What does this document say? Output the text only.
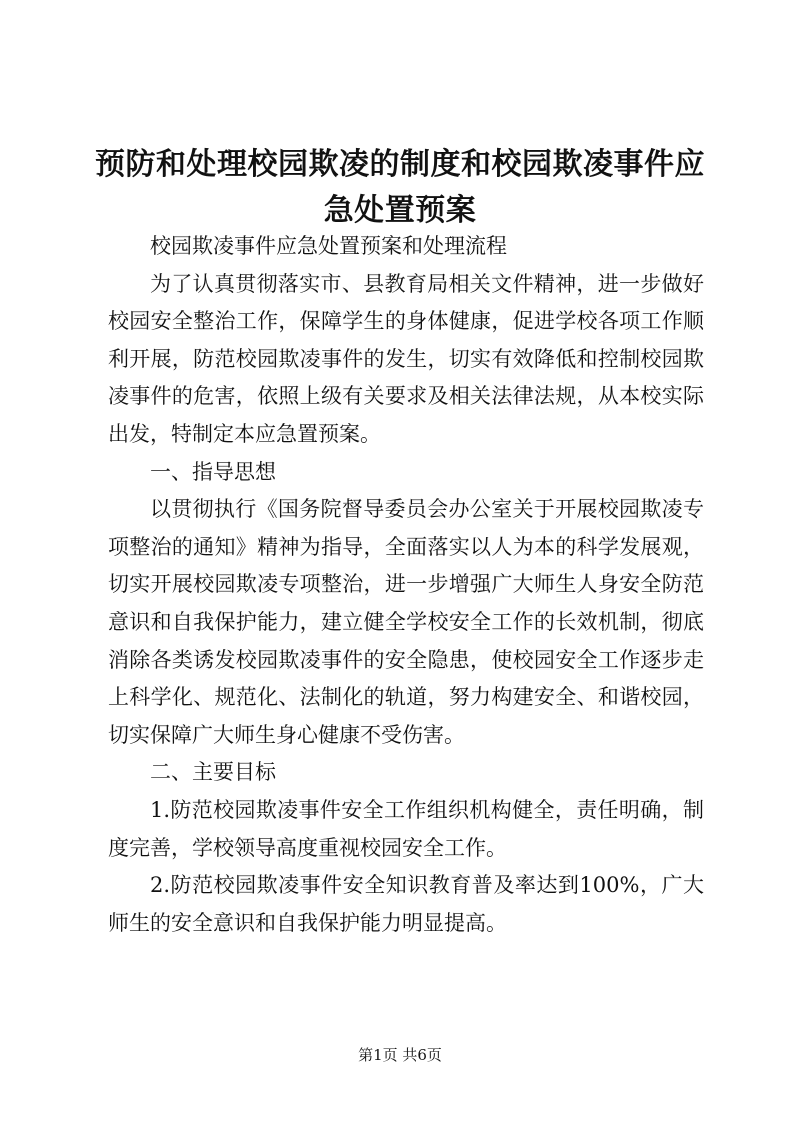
预防和处理校园欺凌的制度和校园欺凌事件应急处置预案

校园欺凌事件应急处置预案和处理流程

为了认真贯彻落实市、县教育局相关文件精神，进一步做好校园安全整治工作，保障学生的身体健康，促进学校各项工作顺利开展，防范校园欺凌事件的发生，切实有效降低和控制校园欺凌事件的危害，依照上级有关要求及相关法律法规，从本校实际出发，特制定本应急置预案。

一、指导思想

以贯彻执行《国务院督导委员会办公室关于开展校园欺凌专项整治的通知》精神为指导，全面落实以人为本的科学发展观，切实开展校园欺凌专项整治，进一步增强广大师生人身安全防范意识和自我保护能力，建立健全学校安全工作的长效机制，彻底消除各类诱发校园欺凌事件的安全隐患，使校园安全工作逐步走上科学化、规范化、法制化的轨道，努力构建安全、和谐校园，切实保障广大师生身心健康不受伤害。

二、主要目标

1.防范校园欺凌事件安全工作组织机构健全，责任明确，制度完善，学校领导高度重视校园安全工作。

2.防范校园欺凌事件安全知识教育普及率达到100%，广大师生的安全意识和自我保护能力明显提高。

第1页 共6页
